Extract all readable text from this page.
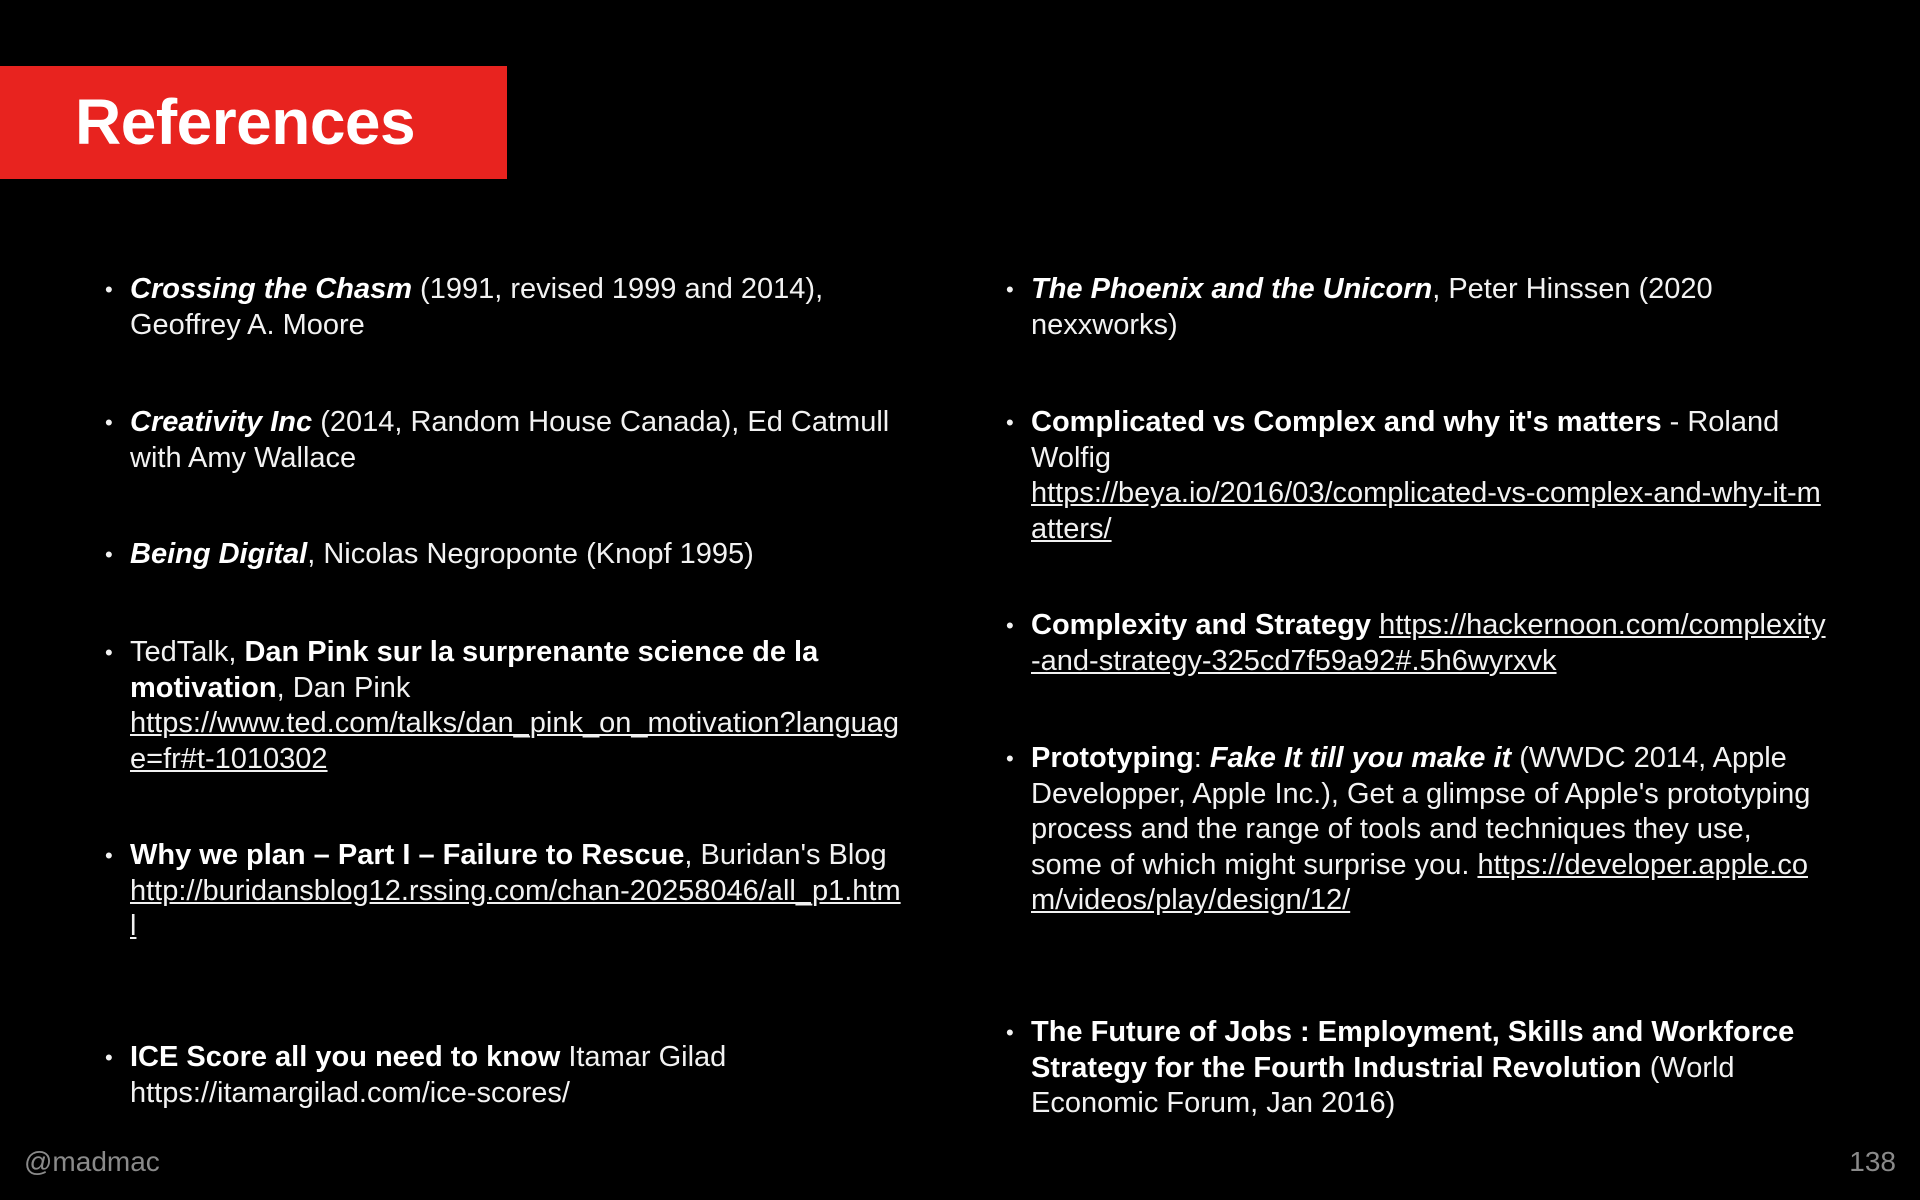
References
• Crossing the Chasm (1991, revised 1999 and 2014), Geoffrey A. Moore
• Creativity Inc (2014, Random House Canada), Ed Catmull with Amy Wallace
• Being Digital, Nicolas Negroponte (Knopf 1995)
• TedTalk, Dan Pink sur la surprenante science de la motivation, Dan Pink
https://www.ted.com/talks/dan_pink_on_motivation?language=fr#t-1010302
• Why we plan – Part I – Failure to Rescue, Buridan's Blog
http://buridansblog12.rssing.com/chan-20258046/all_p1.html
• ICE Score all you need to know Itamar Gilad https://itamargilad.com/ice-scores/
• The Phoenix and the Unicorn, Peter Hinssen (2020 nexxworks)
• Complicated vs Complex and why it's matters - Roland Wolfig
https://beya.io/2016/03/complicated-vs-complex-and-why-it-matters/
• Complexity and Strategy https://hackernoon.com/complexity-and-strategy-325cd7f59a92#.5h6wyrxvk
• Prototyping: Fake It till you make it (WWDC 2014, Apple Developper, Apple Inc.), Get a glimpse of Apple's prototyping process and the range of tools and techniques they use, some of which might surprise you. https://developer.apple.com/videos/play/design/12/
• The Future of Jobs : Employment, Skills and Workforce Strategy for the Fourth Industrial Revolution (World Economic Forum, Jan 2016)
@madmac	138
